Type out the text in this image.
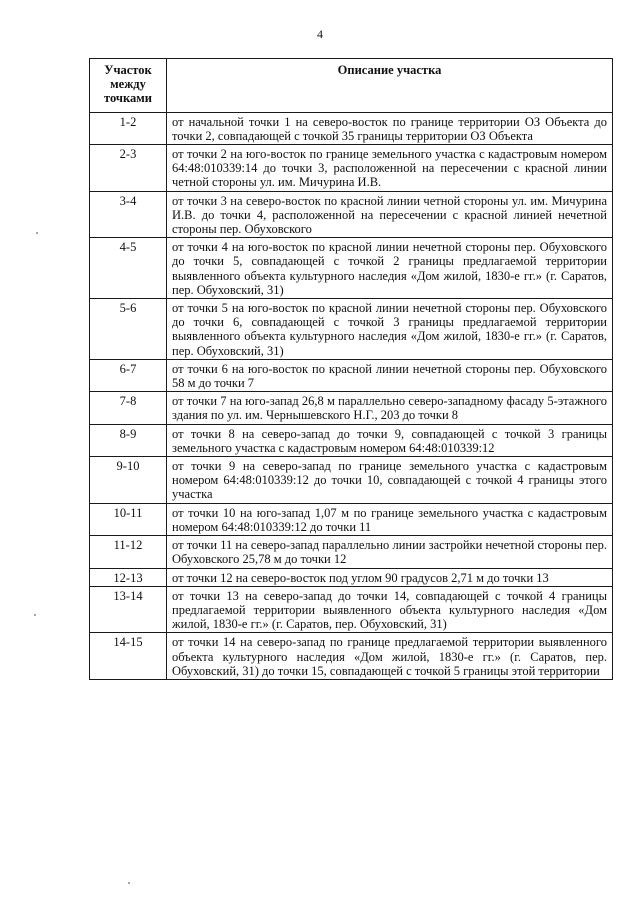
4
Участок между точками	Описание участка
1-2	от начальной точки 1 на северо-восток по границе территории ОЗ Объекта до точки 2, совпадающей с точкой 35 границы территории ОЗ Объекта
2-3	от точки 2 на юго-восток по границе земельного участка с кадастровым номером 64:48:010339:14 до точки 3, расположенной на пересечении с красной линии четной стороны ул. им. Мичурина И.В.
3-4	от точки 3 на северо-восток по красной линии четной стороны ул. им. Мичурина И.В. до точки 4, расположенной на пересечении с красной линией нечетной стороны пер. Обуховского
4-5	от точки 4 на юго-восток по красной линии нечетной стороны пер. Обуховского до точки 5, совпадающей с точкой 2 границы предлагаемой территории выявленного объекта культурного наследия «Дом жилой, 1830-е гг.» (г. Саратов, пер. Обуховский, 31)
5-6	от точки 5 на юго-восток по красной линии нечетной стороны пер. Обуховского до точки 6, совпадающей с точкой 3 границы предлагаемой территории выявленного объекта культурного наследия «Дом жилой, 1830-е гг.» (г. Саратов, пер. Обуховский, 31)
6-7	от точки 6 на юго-восток по красной линии нечетной стороны пер. Обуховского 58 м до точки 7
7-8	от точки 7 на юго-запад 26,8 м параллельно северо-западному фасаду 5-этажного здания по ул. им. Чернышевского Н.Г., 203 до точки 8
8-9	от точки 8 на северо-запад до точки 9, совпадающей с точкой 3 границы земельного участка с кадастровым номером 64:48:010339:12
9-10	от точки 9 на северо-запад по границе земельного участка с кадастровым номером 64:48:010339:12 до точки 10, совпадающей с точкой 4 границы этого участка
10-11	от точки 10 на юго-запад 1,07 м по границе земельного участка с кадастровым номером 64:48:010339:12 до точки 11
11-12	от точки 11 на северо-запад параллельно линии застройки нечетной стороны пер. Обуховского 25,78 м до точки 12
12-13	от точки 12 на северо-восток под углом 90 градусов 2,71 м до точки 13
13-14	от точки 13 на северо-запад до точки 14, совпадающей с точкой 4 границы предлагаемой территории выявленного объекта культурного наследия «Дом жилой, 1830-е гг.» (г. Саратов, пер. Обуховский, 31)
14-15	от точки 14 на северо-запад по границе предлагаемой территории выявленного объекта культурного наследия «Дом жилой, 1830-е гг.» (г. Саратов, пер. Обуховский, 31) до точки 15, совпадающей с точкой 5 границы этой территории
